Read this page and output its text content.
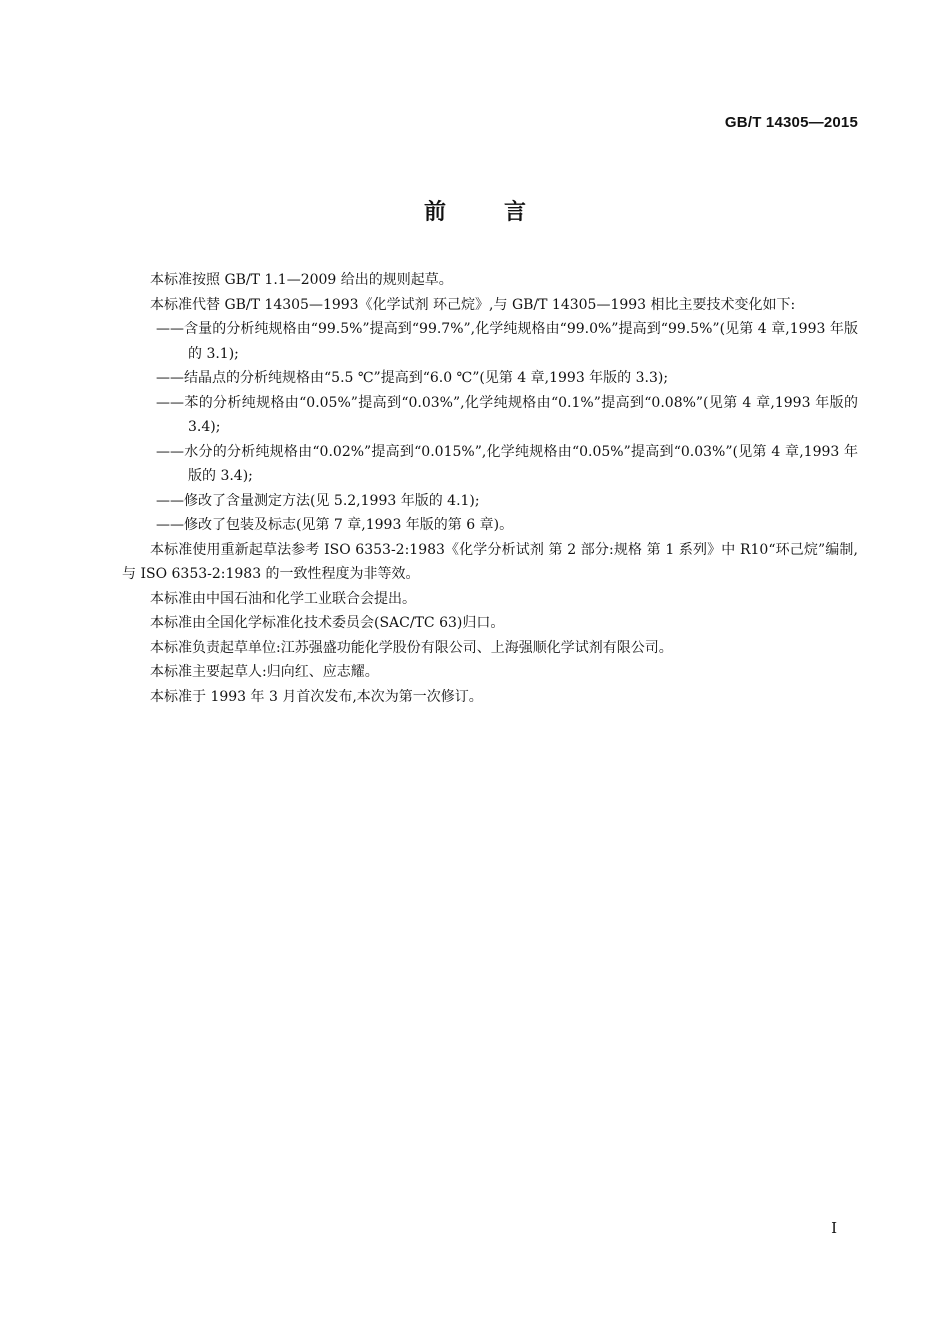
GB/T 14305—2015
前言

本标准按照 GB/T 1.1—2009 给出的规则起草。

本标准代替 GB/T 14305—1993《化学试剂 环己烷》,与 GB/T 14305—1993 相比主要技术变化如下:

——含量的分析纯规格由“99.5%”提高到“99.7%”,化学纯规格由“99.0%”提高到“99.5%”(见第 4 章,1993 年版的 3.1);

——结晶点的分析纯规格由“5.5 ℃”提高到“6.0 ℃”(见第 4 章,1993 年版的 3.3);

——苯的分析纯规格由“0.05%”提高到“0.03%”,化学纯规格由“0.1%”提高到“0.08%”(见第 4 章,1993 年版的 3.4);

——水分的分析纯规格由“0.02%”提高到“0.015%”,化学纯规格由“0.05%”提高到“0.03%”(见第 4 章,1993 年版的 3.4);

——修改了含量测定方法(见 5.2,1993 年版的 4.1);

——修改了包装及标志(见第 7 章,1993 年版的第 6 章)。

本标准使用重新起草法参考 ISO 6353-2:1983《化学分析试剂 第 2 部分:规格 第 1 系列》中 R10“环己烷”编制,与 ISO 6353-2:1983 的一致性程度为非等效。

本标准由中国石油和化学工业联合会提出。

本标准由全国化学标准化技术委员会(SAC/TC 63)归口。

本标准负责起草单位:江苏强盛功能化学股份有限公司、上海强顺化学试剂有限公司。

本标准主要起草人:归向红、应志耀。

本标准于 1993 年 3 月首次发布,本次为第一次修订。

I
